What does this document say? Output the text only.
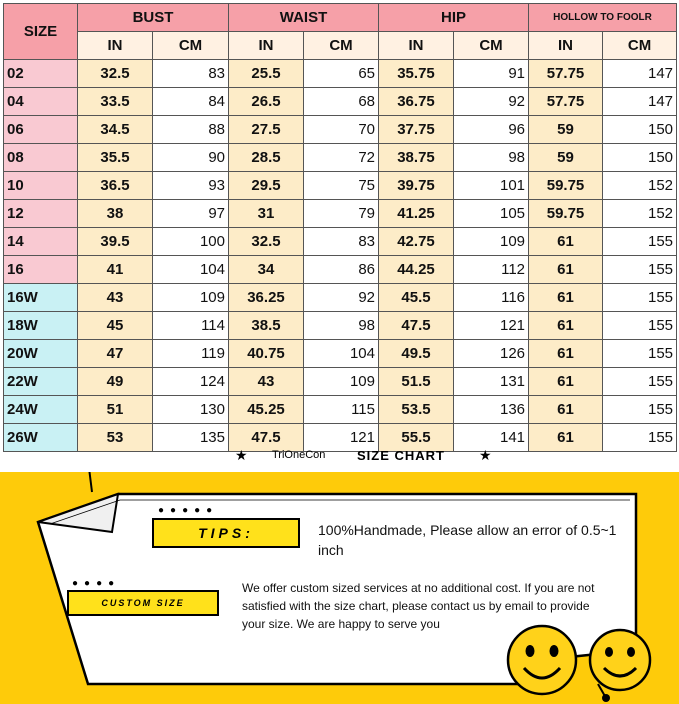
SIZE	BUST		WAIST		HIP		HOLLOW TO FOOLR	
	IN	CM	IN	CM	IN	CM	IN	CM
02	32.5	83	25.5	65	35.75	91	57.75	147
04	33.5	84	26.5	68	36.75	92	57.75	147
06	34.5	88	27.5	70	37.75	96	59	150
08	35.5	90	28.5	72	38.75	98	59	150
10	36.5	93	29.5	75	39.75	101	59.75	152
12	38	97	31	79	41.25	105	59.75	152
14	39.5	100	32.5	83	42.75	109	61	155
16	41	104	34	86	44.25	112	61	155
16W	43	109	36.25	92	45.5	116	61	155
18W	45	114	38.5	98	47.5	121	61	155
20W	47	119	40.75	104	49.5	126	61	155
22W	49	124	43	109	51.5	131	61	155
24W	51	130	45.25	115	53.5	136	61	155
26W	53	135	47.5	121	55.5	141	61	155
★ TriOneCon SIZE CHART ★
●●●●●
TIPS:	100%Handmade, Please allow an error of 0.5~1 inch
●●●●
CUSTOM SIZE
We offer custom sized services at no additional cost. If you are not satisfied with the size chart, please contact us by email to provide your size. We are happy to serve you
